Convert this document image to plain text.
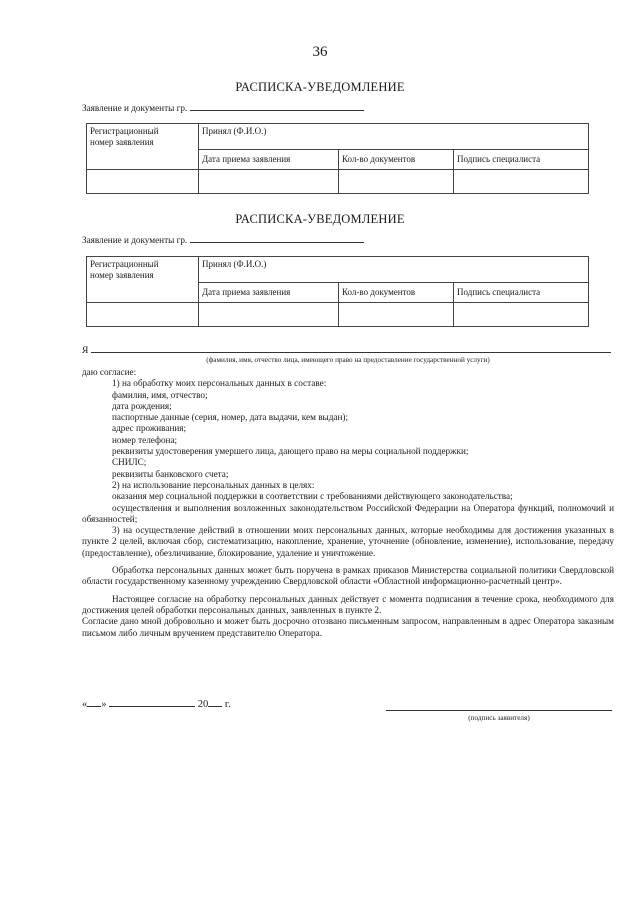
36
РАСПИСКА-УВЕДОМЛЕНИЕ
Заявление и документы гр.
Регистрационный
номер заявления	Принял (Ф.И.О.)		
	Дата приема заявления	Кол-во документов	Подпись специалиста

РАСПИСКА-УВЕДОМЛЕНИЕ
Заявление и документы гр.
Регистрационный
номер заявления	Принял (Ф.И.О.)		
	Дата приема заявления	Кол-во документов	Подпись специалиста

Я
(фамилия, имя, отчество лица, имеющего право на предоставление государственной услуги)

даю согласие:

1) на обработку моих персональных данных в составе:

фамилия, имя, отчество;

дата рождения;

паспортные данные (серия, номер, дата выдачи, кем выдан);

адрес проживания;

номер телефона;

реквизиты удостоверения умершего лица, дающего право на меры социальной поддержки;

СНИЛС;

реквизиты банковского счета;

2) на использование персональных данных в целях:

оказания мер социальной поддержки в соответствии с требованиями действующего законодательства;

осуществления и выполнения возложенных законодательством Российской Федерации на Оператора функций, полномочий и обязанностей;

3) на осуществление действий в отношении моих персональных данных, которые необходимы для достижения указанных в пункте 2 целей, включая сбор, систематизацию, накопление, хранение, уточнение (обновление, изменение), использование, передачу (предоставление), обезличивание, блокирование, удаление и уничтожение.

Обработка персональных данных может быть поручена в рамках приказов Министерства социальной политики Свердловской области государственному казенному учреждению Свердловской области «Областной информационно-расчетный центр».

Настоящее согласие на обработку персональных данных действует с момента подписания в течение срока, необходимого для достижения целей обработки персональных данных, заявленных в пункте 2.

Согласие дано мной добровольно и может быть досрочно отозвано письменным запросом, направленным в адрес Оператора заказным письмом либо личным вручением представителю Оператора.

« »	20 г.
(подпись заявителя)
